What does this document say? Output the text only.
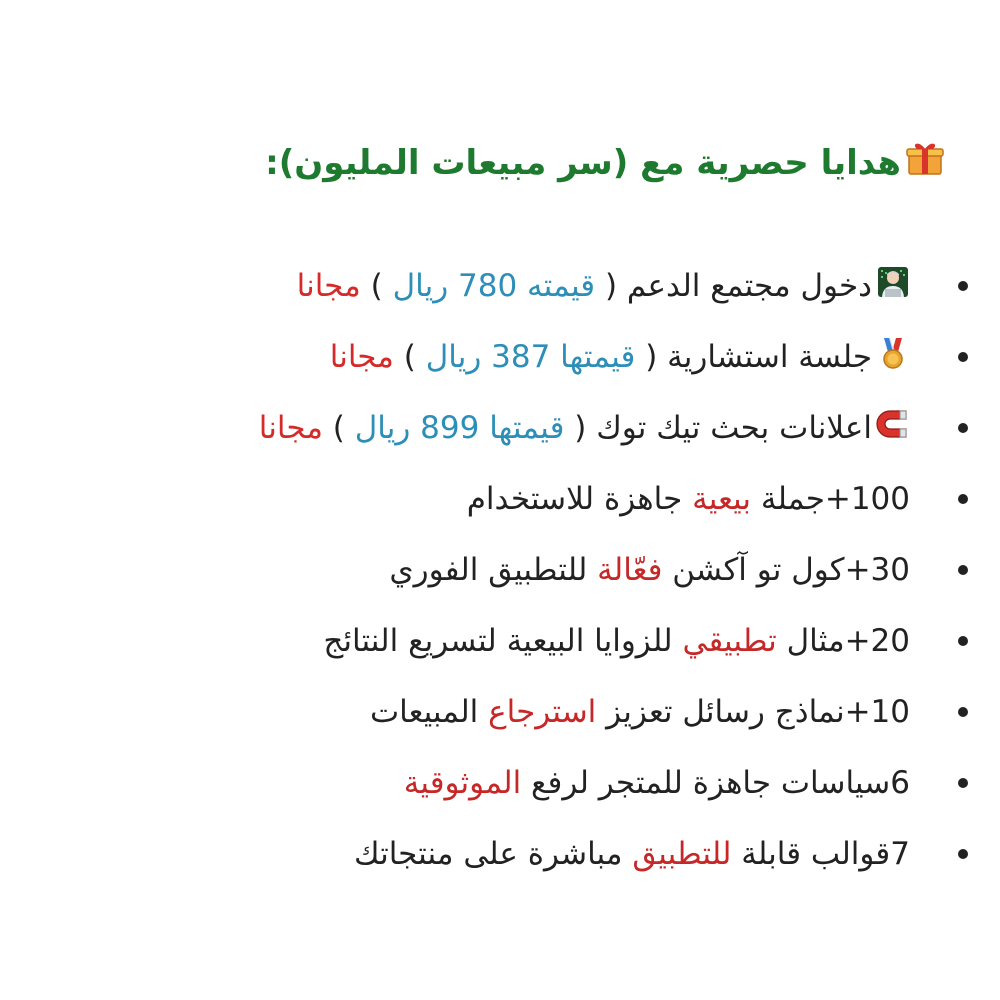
هدايا حصرية مع (سر مبيعات المليون):
دخول مجتمع الدعم (
قيمته 780 ريال
)
مجانا
جلسة استشارية (
قيمتها 387 ريال
)
مجانا
اعلانات بحث تيك توك (
قيمتها 899 ريال
)
مجانا
100+جملة
بيعية
جاهزة للاستخدام
30+كول تو آكشن
فعّالة
للتطبيق الفوري
20+مثال
تطبيقي
للزوايا البيعية لتسريع النتائج
10+نماذج رسائل تعزيز
استرجاع
المبيعات
6سياسات جاهزة للمتجر لرفع
الموثوقية
7قوالب قابلة
للتطبيق
مباشرة على منتجاتك
